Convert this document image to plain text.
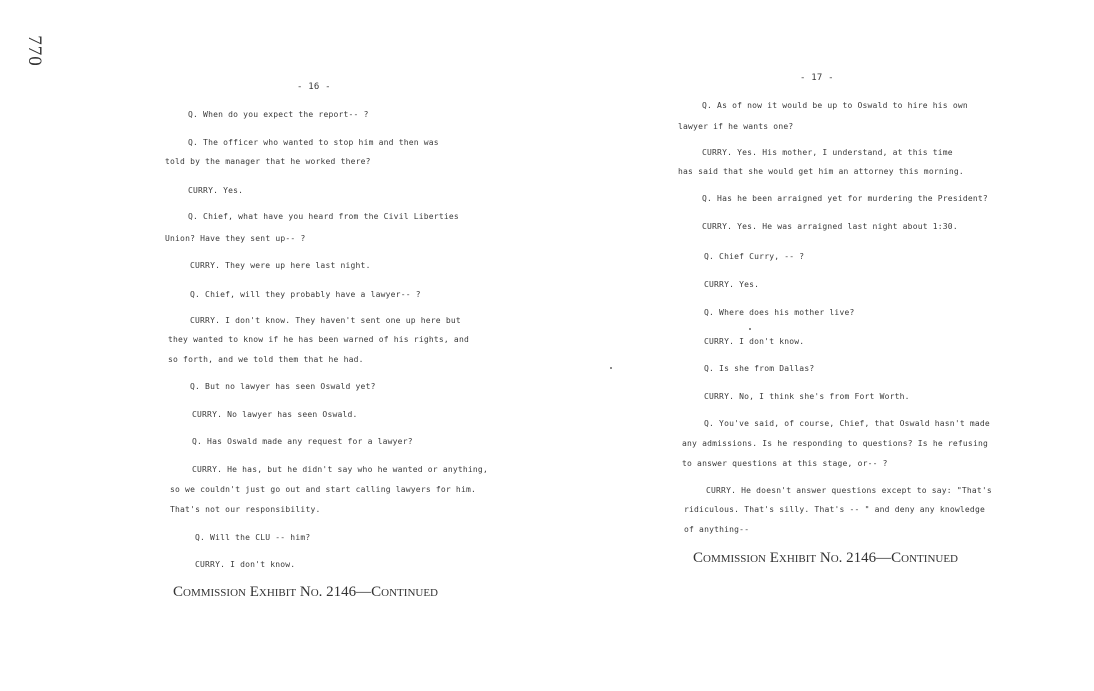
770
- 16 -
Q. When do you expect the report-- ?
Q. The officer who wanted to stop him and then was
told by the manager that he worked there?
CURRY. Yes.
Q. Chief, what have you heard from the Civil Liberties
Union? Have they sent up-- ?
CURRY. They were up here last night.
Q. Chief, will they probably have a lawyer-- ?
CURRY. I don't know. They haven't sent one up here but
they wanted to know if he has been warned of his rights, and
so forth, and we told them that he had.
Q. But no lawyer has seen Oswald yet?
CURRY. No lawyer has seen Oswald.
Q. Has Oswald made any request for a lawyer?
CURRY. He has, but he didn't say who he wanted or anything,
so we couldn't just go out and start calling lawyers for him.
That's not our responsibility.
Q. Will the CLU -- him?
CURRY. I don't know.
Commission Exhibit No. 2146—Continued
- 17 -
Q. As of now it would be up to Oswald to hire his own
lawyer if he wants one?
CURRY. Yes. His mother, I understand, at this time
has said that she would get him an attorney this morning.
Q. Has he been arraigned yet for murdering the President?
CURRY. Yes. He was arraigned last night about 1:30.
Q. Chief Curry, -- ?
CURRY. Yes.
Q. Where does his mother live?
CURRY. I don't know.
Q. Is she from Dallas?
CURRY. No, I think she's from Fort Worth.
Q. You've said, of course, Chief, that Oswald hasn't made
any admissions. Is he responding to questions? Is he refusing
to answer questions at this stage, or-- ?
CURRY. He doesn't answer questions except to say: "That's
ridiculous. That's silly. That's -- " and deny any knowledge
of anything--
Commission Exhibit No. 2146—Continued
